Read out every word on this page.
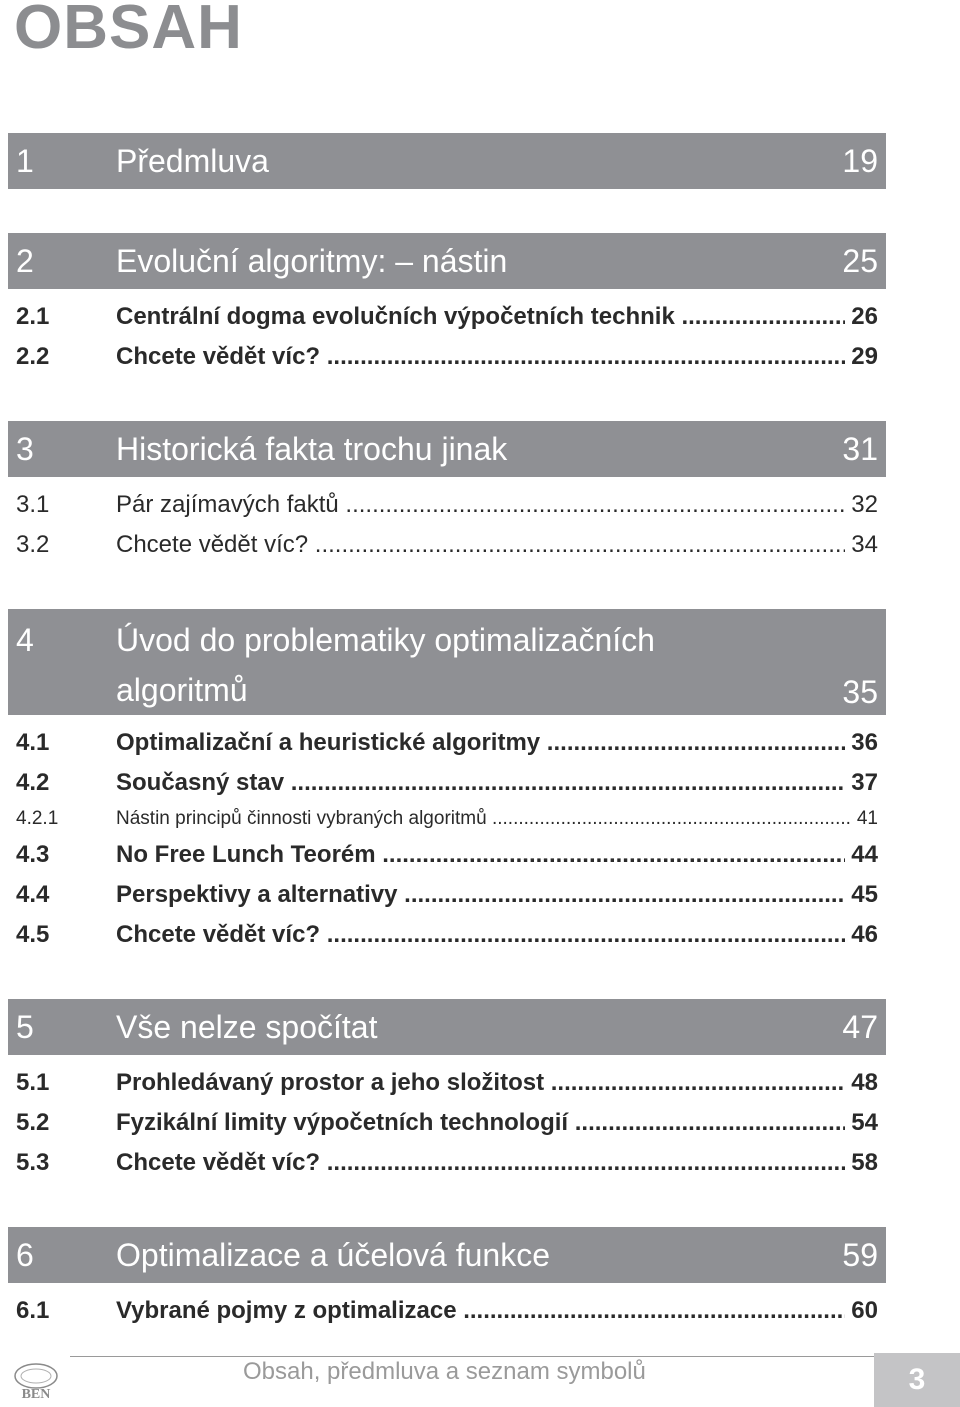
OBSAH
1	Předmluva	19
2	Evoluční algoritmy: – nástin	25
2.1	Centrální dogma evolučních výpočetních technik .....	26
2.2	Chcete vědět víc? .....	29
3	Historická fakta trochu jinak	31
3.1	Pár zajímavých faktů .....	32
3.2	Chcete vědět víc? .....	34
4	Úvod do problematiky optimalizačních
algoritmů	35
4.1	Optimalizační a heuristické algoritmy .....	36
4.2	Současný stav .....	37
4.2.1	Nástin principů činnosti vybraných algoritmů .....	41
4.3	No Free Lunch Teorém .....	44
4.4	Perspektivy a alternativy .....	45
4.5	Chcete vědět víc? .....	46
5	Vše nelze spočítat	47
5.1	Prohledávaný prostor a jeho složitost .....	48
5.2	Fyzikální limity výpočetních technologií .....	54
5.3	Chcete vědět víc? .....	58
6	Optimalizace a účelová funkce	59
6.1	Vybrané pojmy z optimalizace .....	60
BEN
Obsah, předmluva a seznam symbolů	3
